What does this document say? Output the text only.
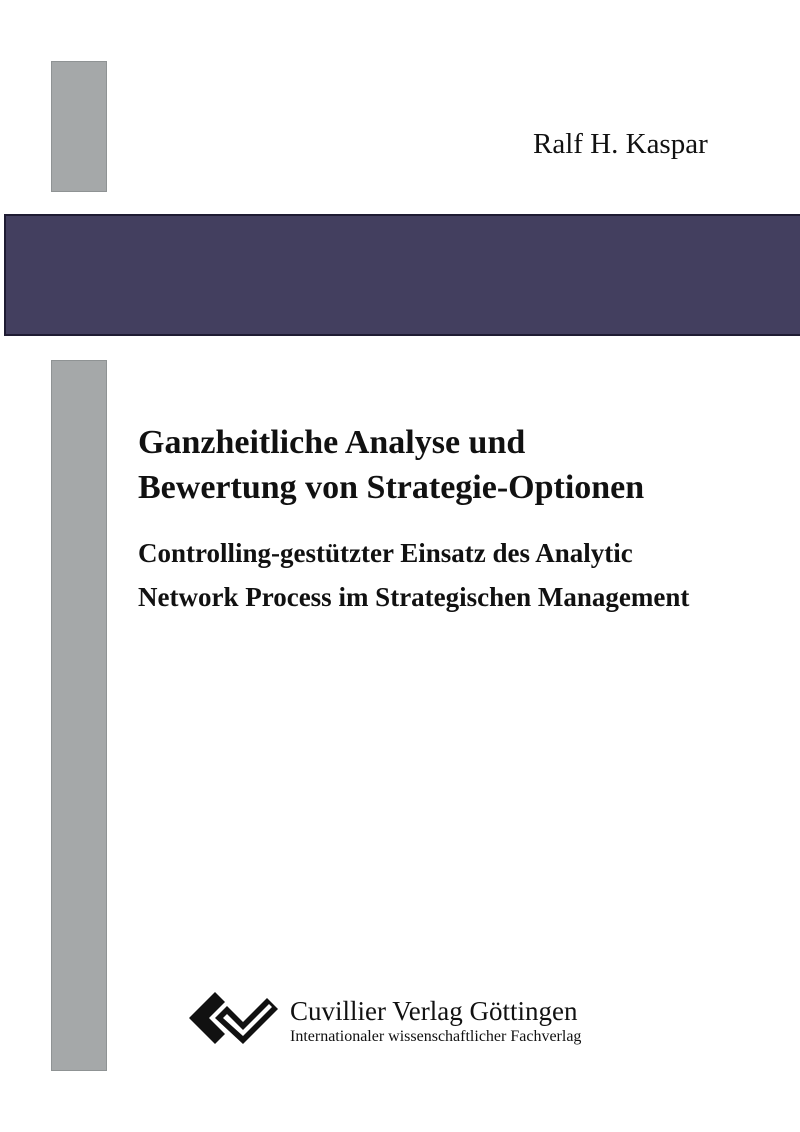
Ralf H. Kaspar
Ganzheitliche Analyse und
Bewertung von Strategie-Optionen
Controlling-gestützter Einsatz des Analytic
Network Process im Strategischen Management
Cuvillier Verlag Göttingen
Internationaler wissenschaftlicher Fachverlag
